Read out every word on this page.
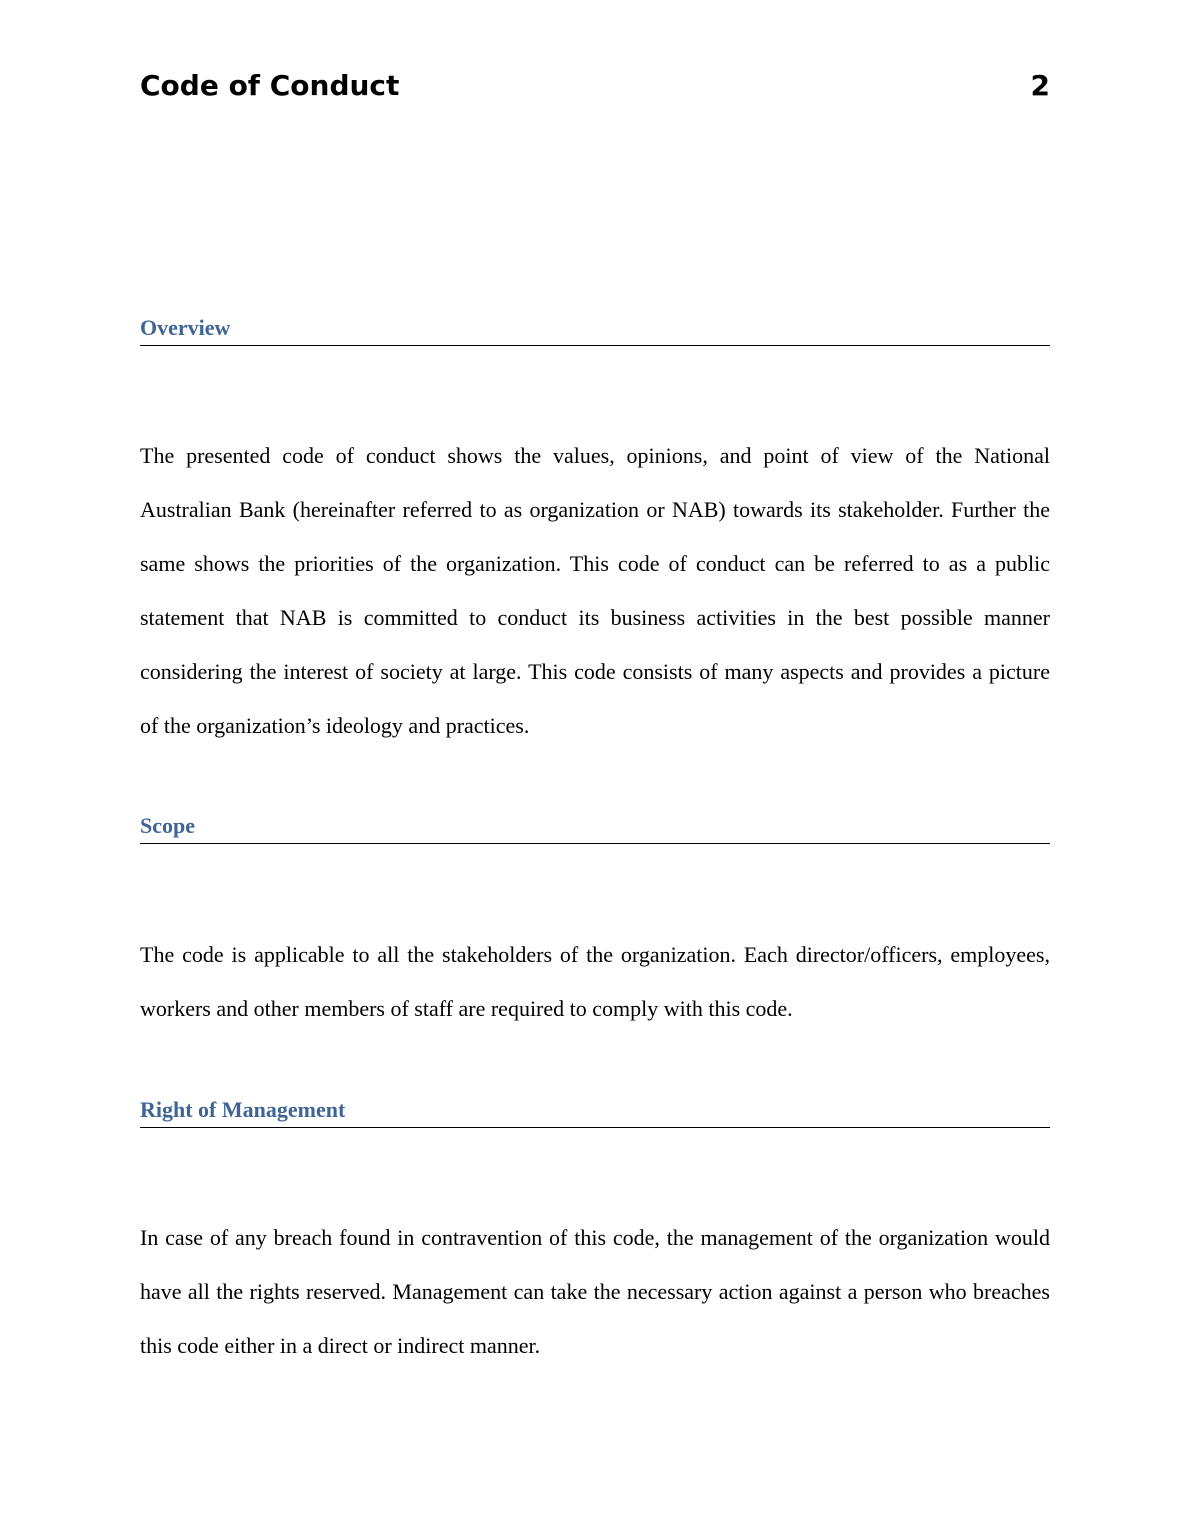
Code of Conduct	2
Overview

The presented code of conduct shows the values, opinions, and point of view of the National Australian Bank (hereinafter referred to as organization or NAB) towards its stakeholder. Further the same shows the priorities of the organization. This code of conduct can be referred to as a public statement that NAB is committed to conduct its business activities in the best possible manner considering the interest of society at large. This code consists of many aspects and provides a picture of the organization’s ideology and practices.

Scope

The code is applicable to all the stakeholders of the organization. Each director/officers, employees, workers and other members of staff are required to comply with this code.

Right of Management

In case of any breach found in contravention of this code, the management of the organization would have all the rights reserved. Management can take the necessary action against a person who breaches this code either in a direct or indirect manner.
